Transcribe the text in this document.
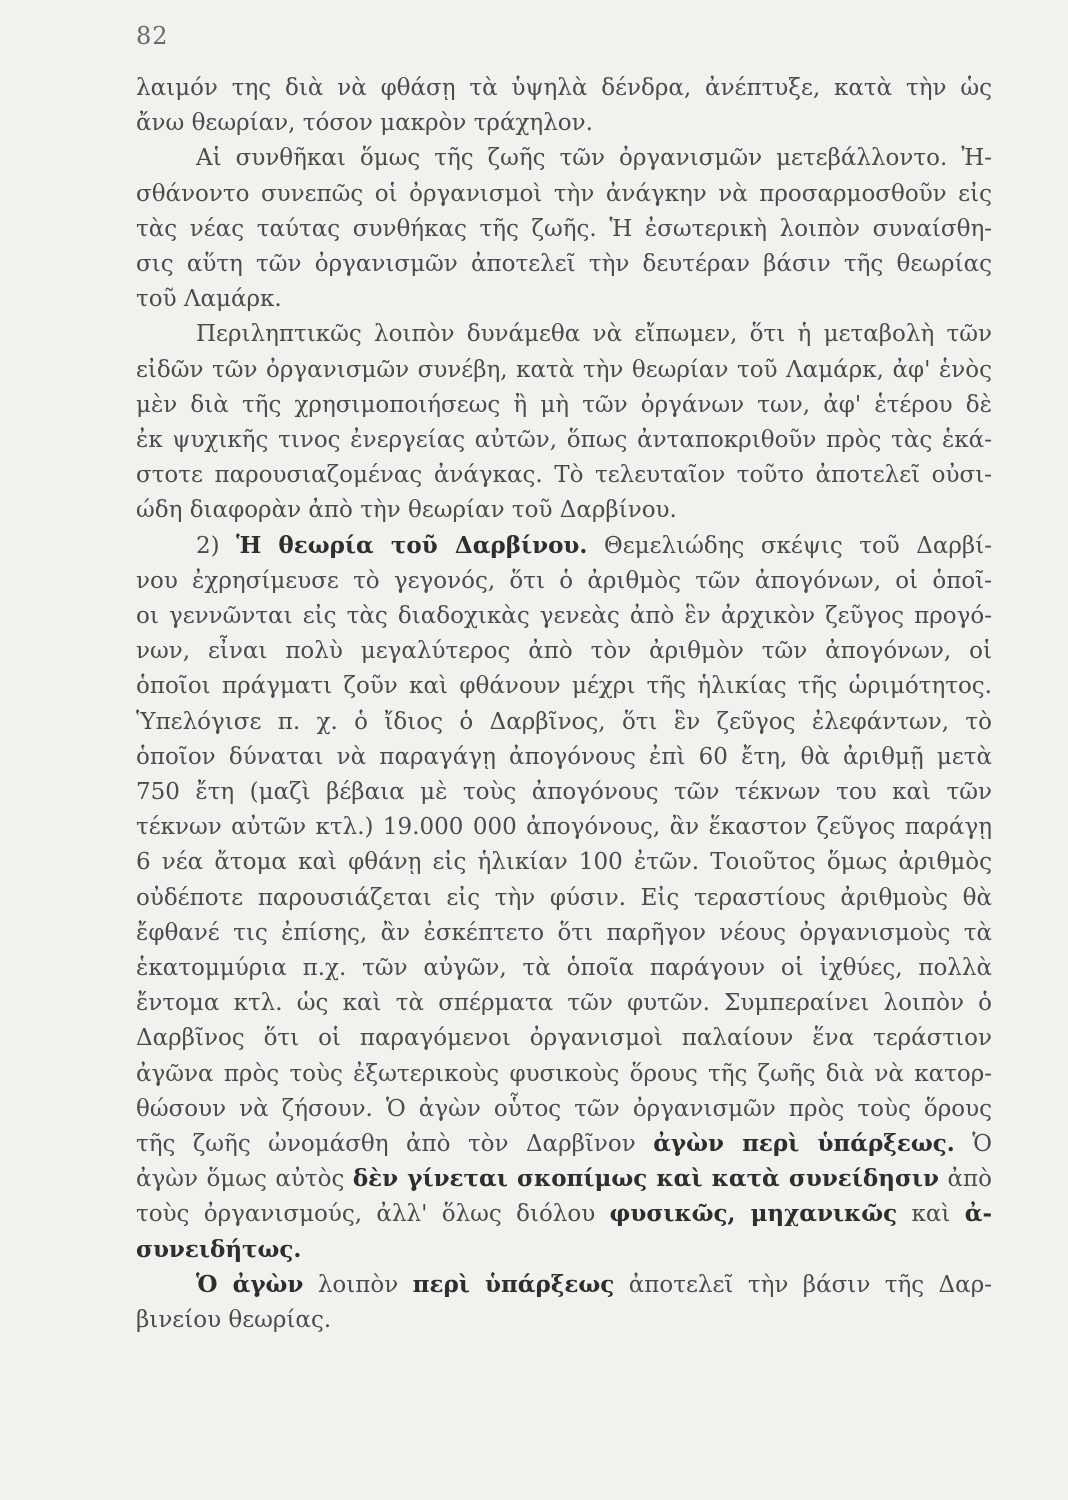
82
λαιμόν της διὰ νὰ φθάσῃ τὰ ὑψηλὰ δένδρα, ἀνέπτυξε, κατὰ τὴν ὡς
ἄνω θεωρίαν, τόσον μακρὸν τράχηλον.
Αἱ συνθῆκαι ὅμως τῆς ζωῆς τῶν ὀργανισμῶν μετεβάλλοντο. Ἠ-
σθάνοντο συνεπῶς οἱ ὀργανισμοὶ τὴν ἀνάγκην νὰ προσαρμοσθοῦν εἰς
τὰς νέας ταύτας συνθήκας τῆς ζωῆς. Ἡ ἐσωτερικὴ λοιπὸν συναίσθη-
σις αὕτη τῶν ὀργανισμῶν ἀποτελεῖ τὴν δευτέραν βάσιν τῆς θεωρίας
τοῦ Λαμάρκ.
Περιληπτικῶς λοιπὸν δυνάμεθα νὰ εἴπωμεν, ὅτι ἡ μεταβολὴ τῶν
εἰδῶν τῶν ὀργανισμῶν συνέβη, κατὰ τὴν θεωρίαν τοῦ Λαμάρκ, ἀφ' ἑνὸς
μὲν διὰ τῆς χρησιμοποιήσεως ἢ μὴ τῶν ὀργάνων των, ἀφ' ἑτέρου δὲ
ἐκ ψυχικῆς τινος ἐνεργείας αὐτῶν, ὅπως ἀνταποκριθοῦν πρὸς τὰς ἑκά-
στοτε παρουσιαζομένας ἀνάγκας. Τὸ τελευταῖον τοῦτο ἀποτελεῖ οὐσι-
ώδη διαφορὰν ἀπὸ τὴν θεωρίαν τοῦ Δαρβίνου.
2) Ἡ θεωρία τοῦ Δαρβίνου. Θεμελιώδης σκέψις τοῦ Δαρβί-
νου ἐχρησίμευσε τὸ γεγονός, ὅτι ὁ ἀριθμὸς τῶν ἀπογόνων, οἱ ὁποῖ-
οι γεννῶνται εἰς τὰς διαδοχικὰς γενεὰς ἀπὸ ἓν ἀρχικὸν ζεῦγος προγό-
νων, εἶναι πολὺ μεγαλύτερος ἀπὸ τὸν ἀριθμὸν τῶν ἀπογόνων, οἱ
ὁποῖοι πράγματι ζοῦν καὶ φθάνουν μέχρι τῆς ἡλικίας τῆς ὡριμότητος.
Ὑπελόγισε π. χ. ὁ ἴδιος ὁ Δαρβῖνος, ὅτι ἓν ζεῦγος ἐλεφάντων, τὸ
ὁποῖον δύναται νὰ παραγάγῃ ἀπογόνους ἐπὶ 60 ἔτη, θὰ ἀριθμῇ μετὰ
750 ἔτη (μαζὶ βέβαια μὲ τοὺς ἀπογόνους τῶν τέκνων του καὶ τῶν
τέκνων αὐτῶν κτλ.) 19.000 000 ἀπογόνους, ἂν ἕκαστον ζεῦγος παράγῃ
6 νέα ἄτομα καὶ φθάνῃ εἰς ἡλικίαν 100 ἐτῶν. Τοιοῦτος ὅμως ἀριθμὸς
οὐδέποτε παρουσιάζεται εἰς τὴν φύσιν. Εἰς τεραστίους ἀριθμοὺς θὰ
ἔφθανέ τις ἐπίσης, ἂν ἐσκέπτετο ὅτι παρῆγον νέους ὀργανισμοὺς τὰ
ἑκατομμύρια π.χ. τῶν αὐγῶν, τὰ ὁποῖα παράγουν οἱ ἰχθύες, πολλὰ
ἔντομα κτλ. ὡς καὶ τὰ σπέρματα τῶν φυτῶν. Συμπεραίνει λοιπὸν ὁ
Δαρβῖνος ὅτι οἱ παραγόμενοι ὀργανισμοὶ παλαίουν ἕνα τεράστιον
ἀγῶνα πρὸς τοὺς ἐξωτερικοὺς φυσικοὺς ὅρους τῆς ζωῆς διὰ νὰ κατορ-
θώσουν νὰ ζήσουν. Ὁ ἀγὼν οὗτος τῶν ὀργανισμῶν πρὸς τοὺς ὅρους
τῆς ζωῆς ὠνομάσθη ἀπὸ τὸν Δαρβῖνον ἀγὼν περὶ ὑπάρξεως. Ὁ
ἀγὼν ὅμως αὐτὸς δὲν γίνεται σκοπίμως καὶ κατὰ συνείδησιν ἀπὸ
τοὺς ὀργανισμούς, ἀλλ' ὅλως διόλου φυσικῶς, μηχανικῶς καὶ ἀ-
συνειδήτως.
Ὁ ἀγὼν λοιπὸν περὶ ὑπάρξεως ἀποτελεῖ τὴν βάσιν τῆς Δαρ-
βινείου θεωρίας.
